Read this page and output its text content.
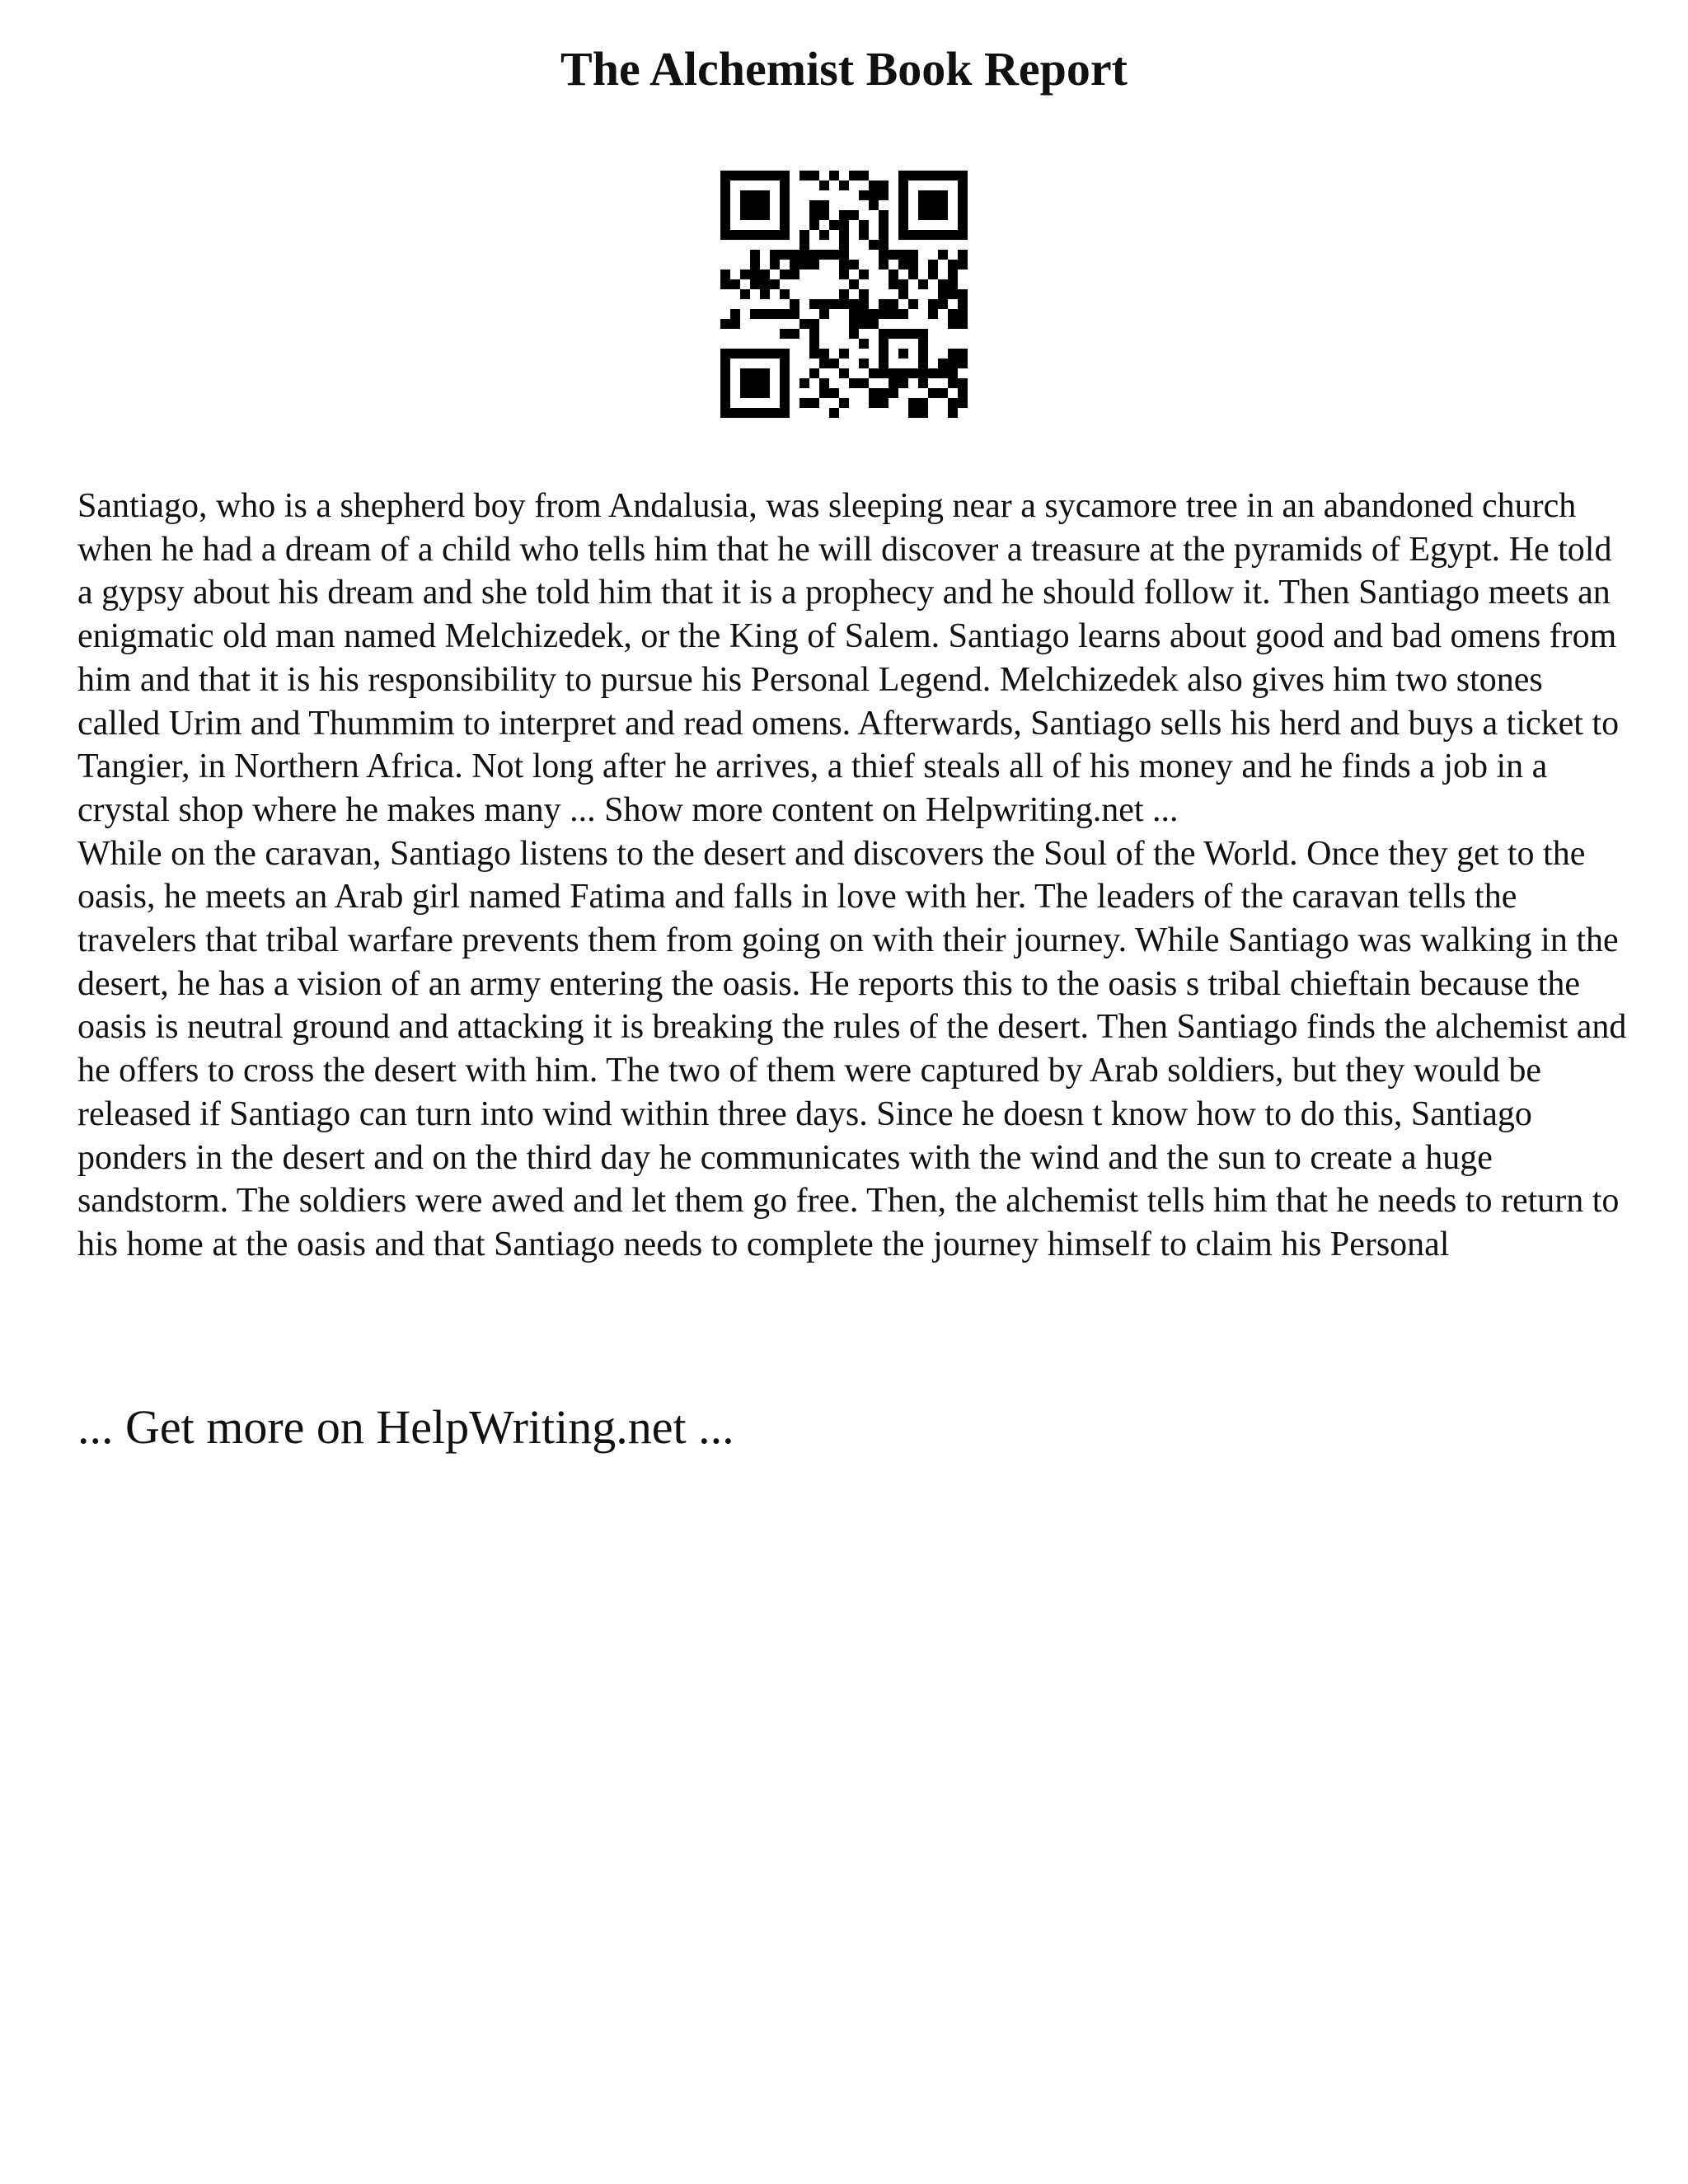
The Alchemist Book Report

Santiago, who is a shepherd boy from Andalusia, was sleeping near a sycamore tree in an abandoned church when he had a dream of a child who tells him that he will discover a treasure at the pyramids of Egypt. He told a gypsy about his dream and she told him that it is a prophecy and he should follow it. Then Santiago meets an enigmatic old man named Melchizedek, or the King of Salem. Santiago learns about good and bad omens from him and that it is his responsibility to pursue his Personal Legend. Melchizedek also gives him two stones called Urim and Thummim to interpret and read omens. Afterwards, Santiago sells his herd and buys a ticket to Tangier, in Northern Africa. Not long after he arrives, a thief steals all of his money and he finds a job in a crystal shop where he makes many ... Show more content on Helpwriting.net ...

While on the caravan, Santiago listens to the desert and discovers the Soul of the World. Once they get to the oasis, he meets an Arab girl named Fatima and falls in love with her. The leaders of the caravan tells the travelers that tribal warfare prevents them from going on with their journey. While Santiago was walking in the desert, he has a vision of an army entering the oasis. He reports this to the oasis s tribal chieftain because the oasis is neutral ground and attacking it is breaking the rules of the desert. Then Santiago finds the alchemist and he offers to cross the desert with him. The two of them were captured by Arab soldiers, but they would be released if Santiago can turn into wind within three days. Since he doesn t know how to do this, Santiago ponders in the desert and on the third day he communicates with the wind and the sun to create a huge sandstorm. The soldiers were awed and let them go free. Then, the alchemist tells him that he needs to return to his home at the oasis and that Santiago needs to complete the journey himself to claim his Personal

... Get more on HelpWriting.net ...
